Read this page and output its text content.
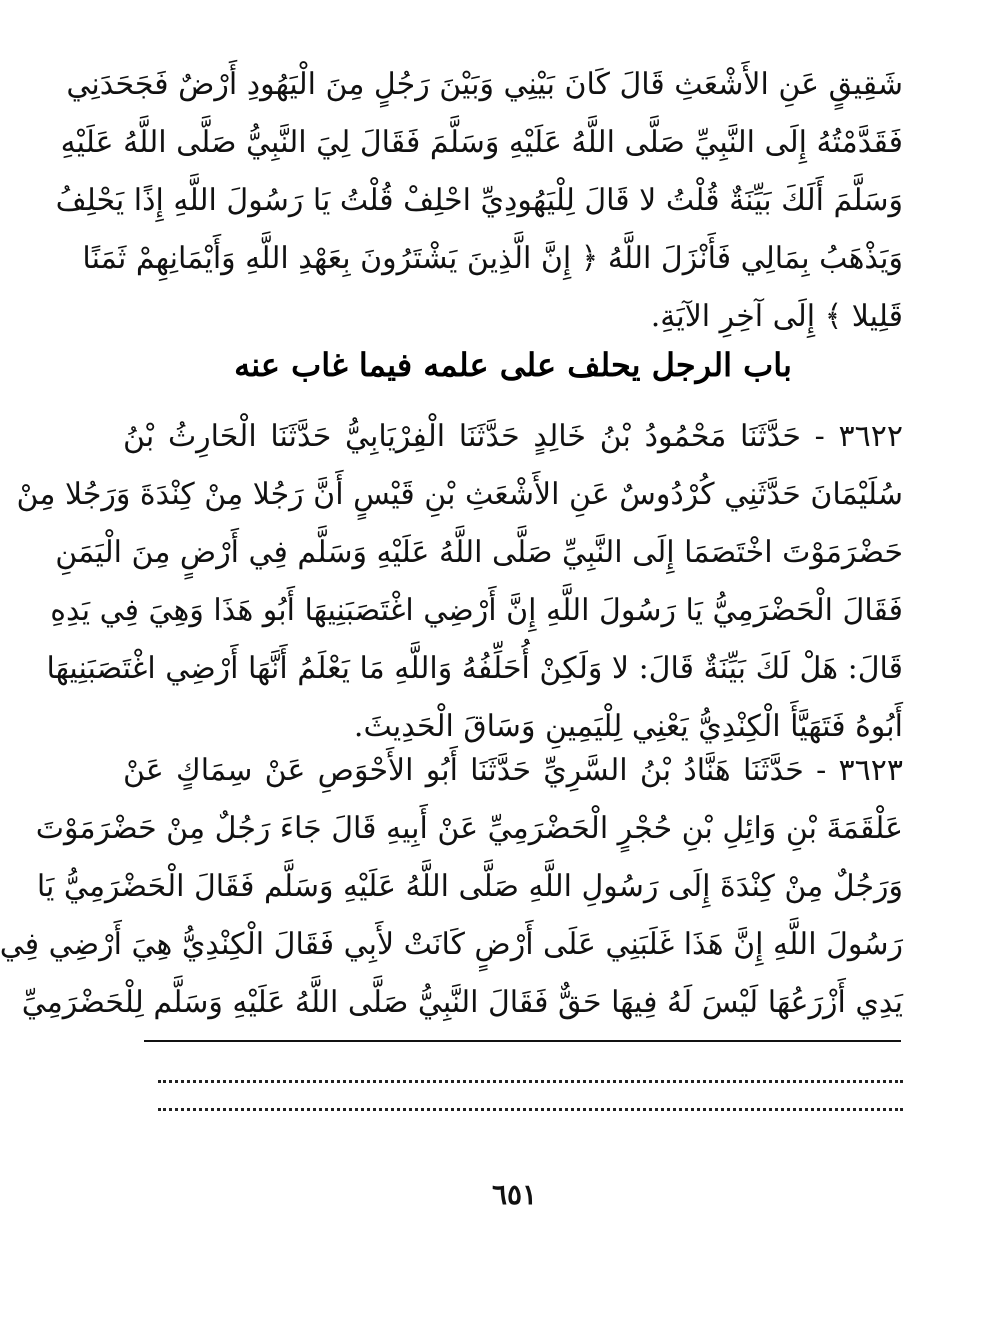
شَقِيقٍ عَنِ الأَشْعَثِ قَالَ كَانَ بَيْنِي وَبَيْنَ رَجُلٍ مِنَ الْيَهُودِ أَرْضٌ فَجَحَدَنِي
فَقَدَّمْتُهُ إِلَى النَّبِيِّ صَلَّى اللَّهُ عَلَيْهِ وَسَلَّمَ فَقَالَ لِيَ النَّبِيُّ صَلَّى اللَّهُ عَلَيْهِ
وَسَلَّمَ أَلَكَ بَيِّنَةٌ قُلْتُ لا قَالَ لِلْيَهُودِيِّ احْلِفْ قُلْتُ يَا رَسُولَ اللَّهِ إِذًا يَحْلِفُ
وَيَذْهَبُ بِمَالِي فَأَنْزَلَ اللَّهُ ﴿ إِنَّ الَّذِينَ يَشْتَرُونَ بِعَهْدِ اللَّهِ وَأَيْمَانِهِمْ ثَمَنًا
قَلِيلا ﴾ إِلَى آخِرِ الآيَةِ.
باب الرجل يحلف على علمه فيما غاب عنه
٣٦٢٢ - حَدَّثَنَا مَحْمُودُ بْنُ خَالِدٍ حَدَّثَنَا الْفِرْيَابِيُّ حَدَّثَنَا الْحَارِثُ بْنُ
سُلَيْمَانَ حَدَّثَنِي كُرْدُوسٌ عَنِ الأَشْعَثِ بْنِ قَيْسٍ أَنَّ رَجُلا مِنْ كِنْدَةَ وَرَجُلا مِنْ
حَضْرَمَوْتَ اخْتَصَمَا إِلَى النَّبِيِّ صَلَّى اللَّهُ عَلَيْهِ وَسَلَّم فِي أَرْضٍ مِنَ الْيَمَنِ
فَقَالَ الْحَضْرَمِيُّ يَا رَسُولَ اللَّهِ إِنَّ أَرْضِي اغْتَصَبَنِيهَا أَبُو هَذَا وَهِيَ فِي يَدِهِ
قَالَ: هَلْ لَكَ بَيِّنَةٌ قَالَ: لا وَلَكِنْ أُحَلِّفُهُ وَاللَّهِ مَا يَعْلَمُ أَنَّهَا أَرْضِي اغْتَصَبَنِيهَا
أَبُوهُ فَتَهَيَّأَ الْكِنْدِيُّ يَعْنِي لِلْيَمِينِ وَسَاقَ الْحَدِيثَ.
٣٦٢٣ - حَدَّثَنَا هَنَّادُ بْنُ السَّرِيِّ حَدَّثَنَا أَبُو الأَحْوَصِ عَنْ سِمَاكٍ عَنْ
عَلْقَمَةَ بْنِ وَائِلِ بْنِ حُجْرٍ الْحَضْرَمِيِّ عَنْ أَبِيهِ قَالَ جَاءَ رَجُلٌ مِنْ حَضْرَمَوْتَ
وَرَجُلٌ مِنْ كِنْدَةَ إِلَى رَسُولِ اللَّهِ صَلَّى اللَّهُ عَلَيْهِ وَسَلَّم فَقَالَ الْحَضْرَمِيُّ يَا
رَسُولَ اللَّهِ إِنَّ هَذَا غَلَبَنِي عَلَى أَرْضٍ كَانَتْ لأَبِي فَقَالَ الْكِنْدِيُّ هِيَ أَرْضِي فِي
يَدِي أَزْرَعُهَا لَيْسَ لَهُ فِيهَا حَقٌّ فَقَالَ النَّبِيُّ صَلَّى اللَّهُ عَلَيْهِ وَسَلَّم لِلْحَضْرَمِيِّ
٦٥١
